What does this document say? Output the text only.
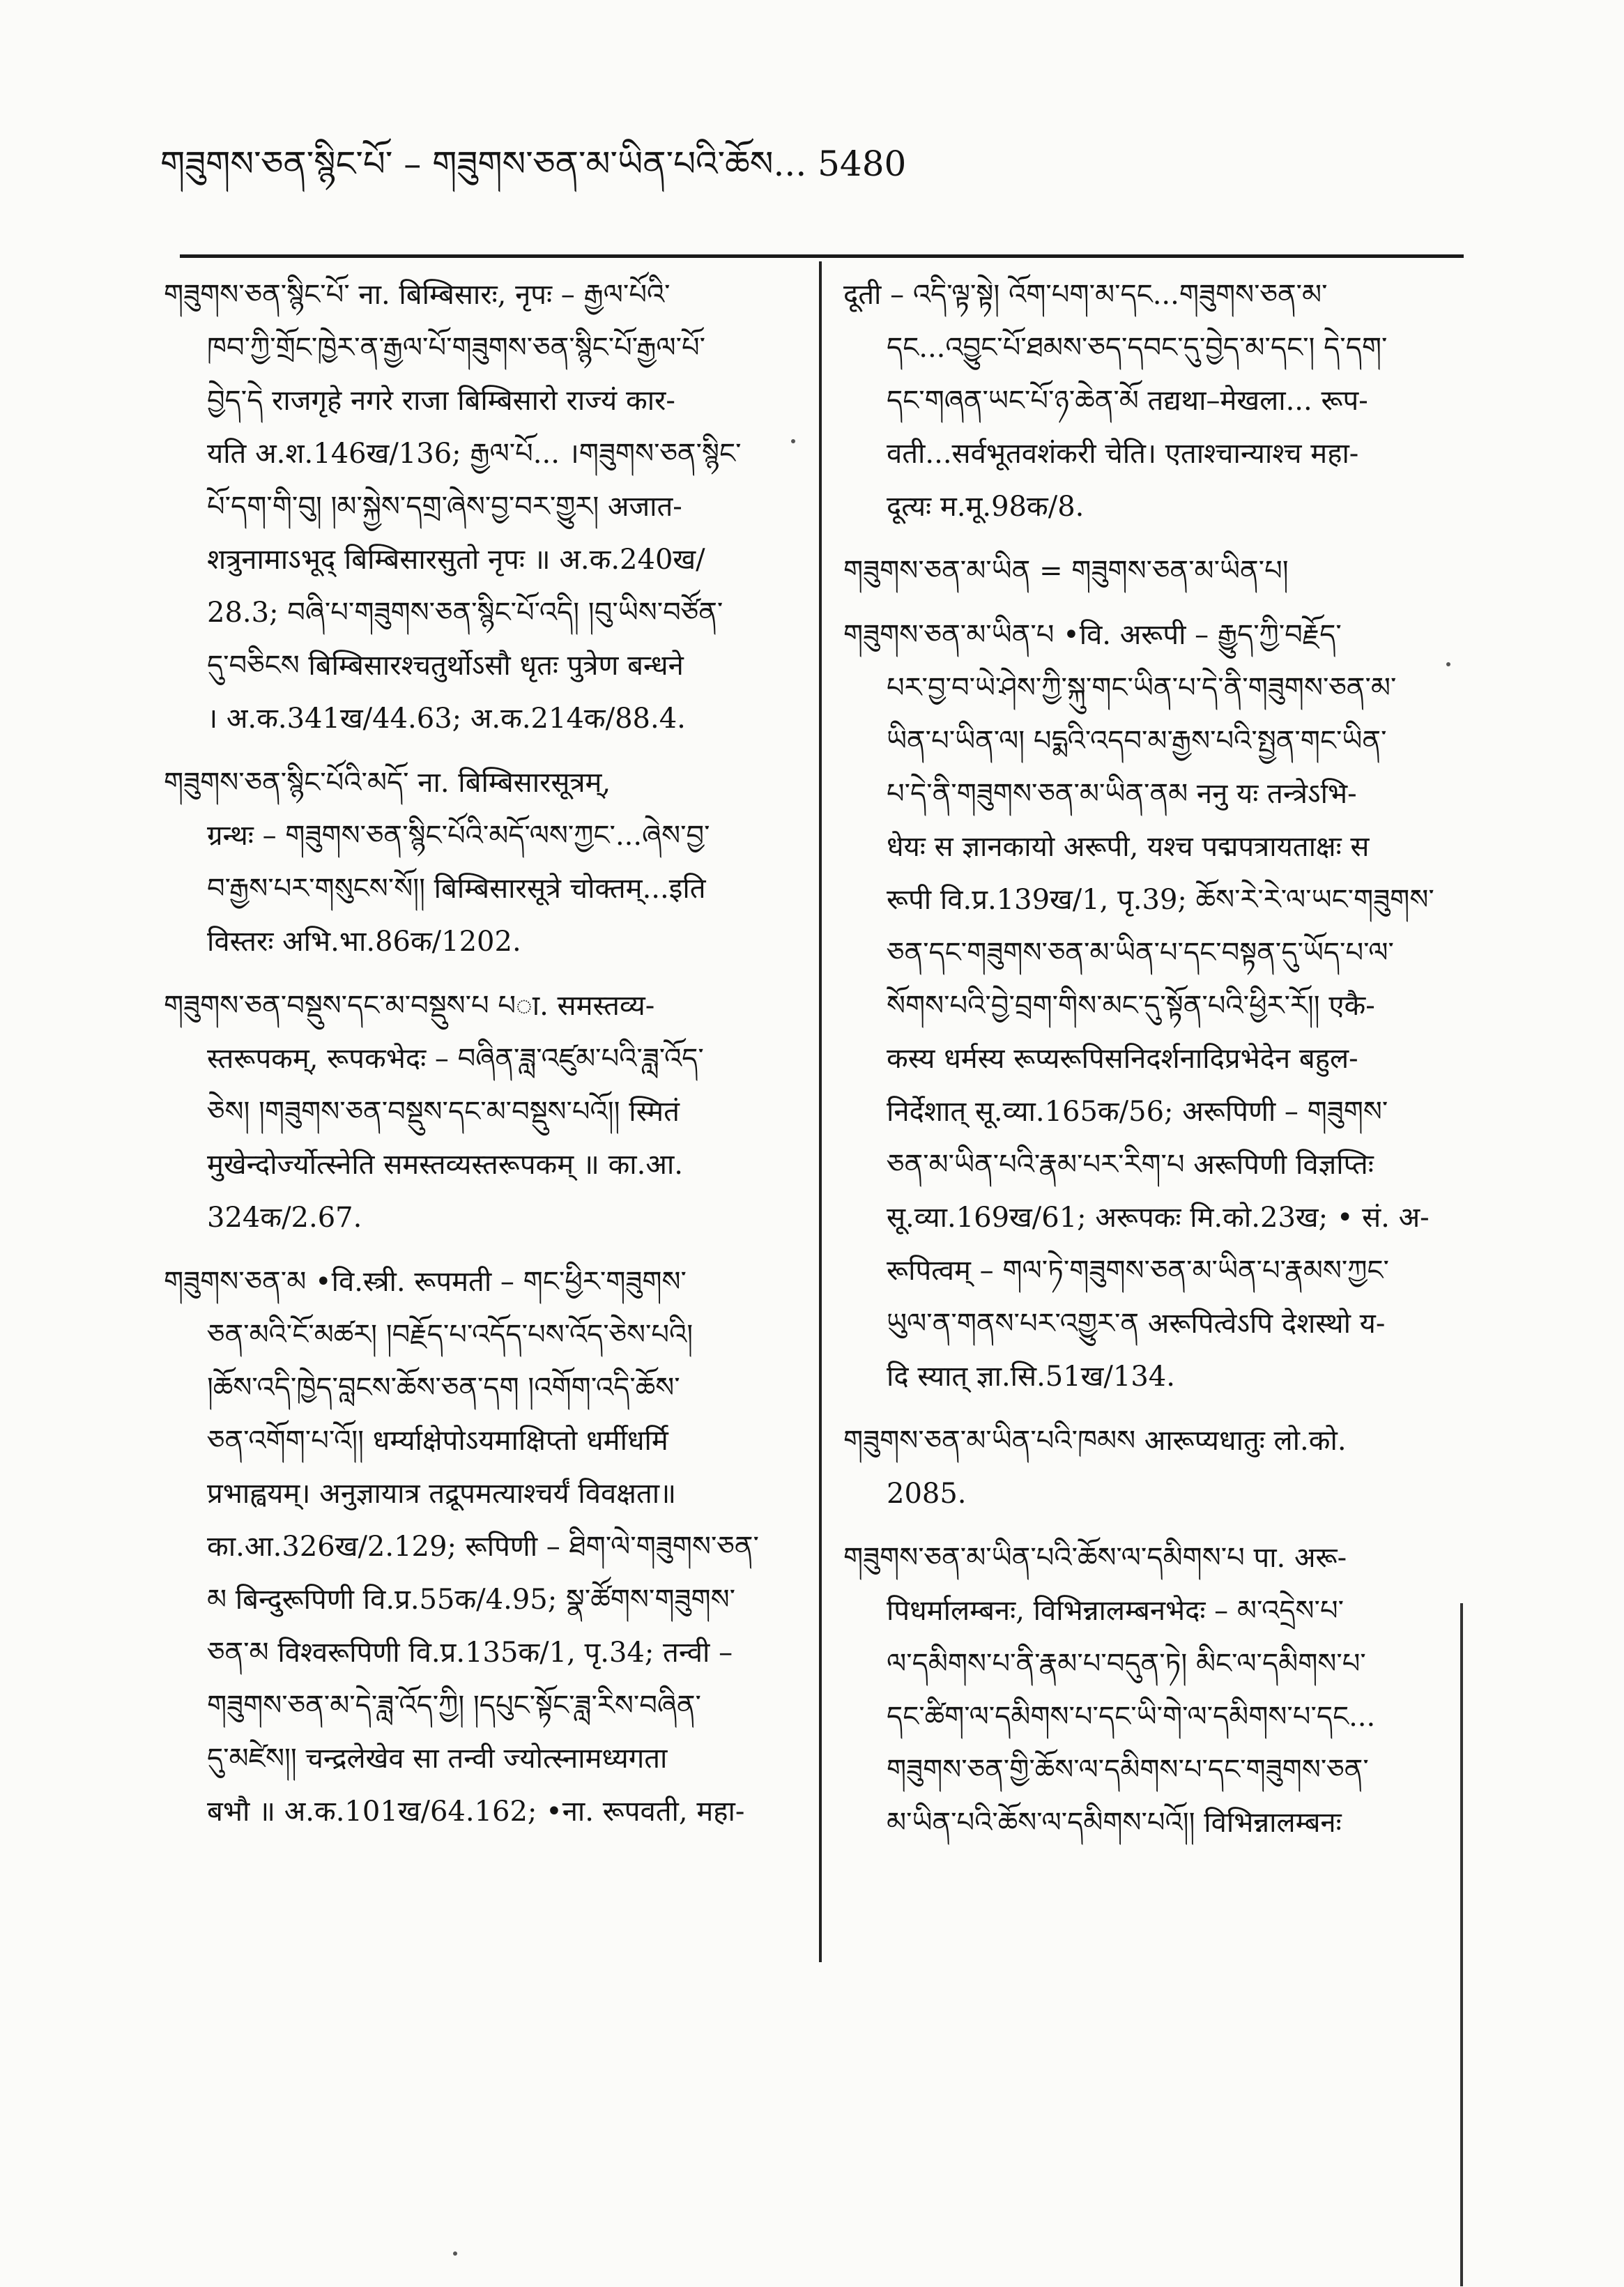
གཟུགས་ཅན་སྙིང་པོ་ – གཟུགས་ཅན་མ་ཡིན་པའི་ཆོས... 5480
གཟུགས་ཅན་སྙིང་པོ་ ना. बिम्बिसारः, नृपः – རྒྱལ་པོའི་
ཁབ་ཀྱི་གྲོང་ཁྱེར་ན་རྒྱལ་པོ་གཟུགས་ཅན་སྙིང་པོ་རྒྱལ་པོ་
བྱེད་དེ राजगृहे नगरे राजा बिम्बिसारो राज्यं कार-
यति अ.श.146ख/136; རྒྱལ་པོ... ।གཟུགས་ཅན་སྙིང་
པོ་དག་གི་བུ། །མ་སྐྱེས་དགྲ་ཞེས་བྱ་བར་གྱུར། अजात-
शत्रुनामाऽभूद् बिम्बिसारसुतो नृपः ॥ अ.क.240ख/
28.3; བཞི་པ་གཟུགས་ཅན་སྙིང་པོ་འདི། །བུ་ཡིས་བཙོན་
དུ་བཅིངས बिम्बिसारश्चतुर्थोऽसौ धृतः पुत्रेण बन्धने
। अ.क.341ख/44.63; अ.क.214क/88.4.
གཟུགས་ཅན་སྙིང་པོའི་མདོ་ ना. बिम्बिसारसूत्रम्,
ग्रन्थः – གཟུགས་ཅན་སྙིང་པོའི་མདོ་ལས་ཀྱང་...ཞེས་བྱ་
བ་རྒྱས་པར་གསུངས་སོ།། बिम्बिसारसूत्रे चोक्तम्...इति
विस्तरः अभि.भा.86क/1202.
གཟུགས་ཅན་བསྡུས་དང་མ་བསྡུས་པ པा. समस्तव्य-
स्तरूपकम्, रूपकभेदः – བཞིན་ཟླ་འཛུམ་པའི་ཟླ་འོད་
ཅེས། །གཟུགས་ཅན་བསྡུས་དང་མ་བསྡུས་པའོ།། स्मितं
मुखेन्दोर्ज्योत्स्नेति समस्तव्यस्तरूपकम् ॥ का.आ.
324क/2.67.
གཟུགས་ཅན་མ •वि.स्त्री. रूपमती – གང་ཕྱིར་གཟུགས་
ཅན་མའི་ངོ་མཚར། །བརྗོད་པ་འདོད་པས་འོད་ཅེས་པའི།
།ཆོས་འདི་ཁྱེད་བླངས་ཆོས་ཅན་དག །འགོག་འདི་ཆོས་
ཅན་འགོག་པ་འོ།། धर्म्याक्षेपोऽयमाक्षिप्तो धर्मीधर्मि
प्रभाह्वयम्। अनुज्ञायात्र तद्रूपमत्याश्चर्यं विवक्षता॥
का.आ.326ख/2.129; रूपिणी – ཐིག་ལེ་གཟུགས་ཅན་
མ बिन्दुरूपिणी वि.प्र.55क/4.95; སྣ་ཚོགས་གཟུགས་
ཅན་མ विश्वरूपिणी वि.प्र.135क/1, पृ.34; तन्वी –
གཟུགས་ཅན་མ་དེ་ཟླ་འོད་ཀྱི། །དཔུང་སྟོང་ཟླ་རིས་བཞིན་
དུ་མཛེས།། चन्द्रलेखेव सा तन्वी ज्योत्स्नामध्यगता
बभौ ॥ अ.क.101ख/64.162; •ना. रूपवती, महा-
दूती – འདི་ལྟ་སྟེ། འོག་པག་མ་དང...གཟུགས་ཅན་མ་
དང...འབྱུང་པོ་ཐམས་ཅད་དབང་དུ་བྱེད་མ་དང་། དེ་དག་
དང་གཞན་ཡང་པོ་ཉ་ཆེན་མོ तद्यथा–मेखला... रूप-
वती...सर्वभूतवशंकरी चेति। एताश्चान्याश्च महा-
दूत्यः म.मू.98क/8.
གཟུགས་ཅན་མ་ཡིན = གཟུགས་ཅན་མ་ཡིན་པ།
གཟུགས་ཅན་མ་ཡིན་པ •वि. अरूपी – རྒྱུད་ཀྱི་བརྗོད་
པར་བྱ་བ་ཡེ་ཤེས་ཀྱི་སྐུ་གང་ཡིན་པ་དེ་ནི་གཟུགས་ཅན་མ་
ཡིན་པ་ཡིན་ལ། པདྨའི་འདབ་མ་རྒྱས་པའི་སྤྱན་གང་ཡིན་
པ་དེ་ནི་གཟུགས་ཅན་མ་ཡིན་ནམ ननु यः तन्त्रेऽभि-
धेयः स ज्ञानकायो अरूपी, यश्च पद्मपत्रायताक्षः स
रूपी वि.प्र.139ख/1, पृ.39; ཆོས་རེ་རེ་ལ་ཡང་གཟུགས་
ཅན་དང་གཟུགས་ཅན་མ་ཡིན་པ་དང་བསྟན་དུ་ཡོད་པ་ལ་
སོགས་པའི་བྱེ་བྲག་གིས་མང་དུ་སྟོན་པའི་ཕྱིར་རོ།། एकै-
कस्य धर्मस्य रूप्यरूपिसनिदर्शनादिप्रभेदेन बहुल-
निर्देशात् सू.व्या.165क/56; अरूपिणी – གཟུགས་
ཅན་མ་ཡིན་པའི་རྣམ་པར་རིག་པ अरूपिणी विज्ञप्तिः
सू.व्या.169ख/61; अरूपकः मि.को.23ख; • सं. अ-
रूपित्वम् – གལ་ཏེ་གཟུགས་ཅན་མ་ཡིན་པ་རྣམས་ཀྱང་
ཡུལ་ན་གནས་པར་འགྱུར་ན अरूपित्वेऽपि देशस्थो य-
दि स्यात् ज्ञा.सि.51ख/134.
གཟུགས་ཅན་མ་ཡིན་པའི་ཁམས आरूप्यधातुः लो.को.
2085.
གཟུགས་ཅན་མ་ཡིན་པའི་ཆོས་ལ་དམིགས་པ पा. अरू-
पिधर्मालम्बनः, विभिन्नालम्बनभेदः – མ་འདྲེས་པ་
ལ་དམིགས་པ་ནི་རྣམ་པ་བདུན་ཏེ། མིང་ལ་དམིགས་པ་
དང་ཚིག་ལ་དམིགས་པ་དང་ཡི་གེ་ལ་དམིགས་པ་དང...
གཟུགས་ཅན་གྱི་ཆོས་ལ་དམིགས་པ་དང་གཟུགས་ཅན་
མ་ཡིན་པའི་ཆོས་ལ་དམིགས་པའོ།། विभिन्नालम्बनः
